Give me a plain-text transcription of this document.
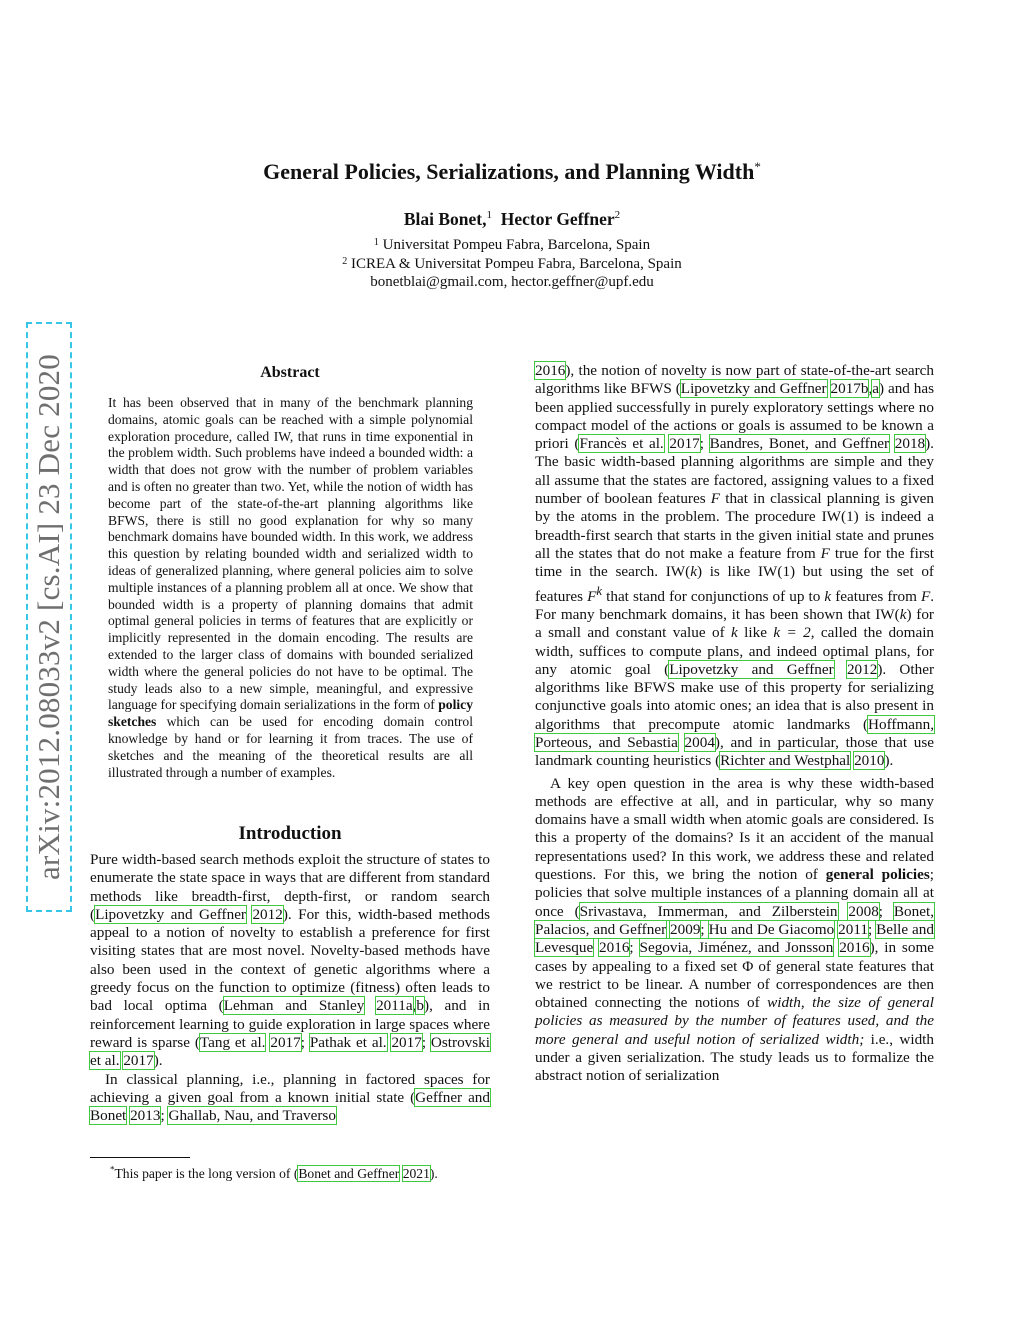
arXiv:2012.08033v2 [cs.AI] 23 Dec 2020
General Policies, Serializations, and Planning Width*
Blai Bonet,$^1$ Hector Geffner$^2$
$^1$ Universitat Pompeu Fabra, Barcelona, Spain
$^2$ ICREA & Universitat Pompeu Fabra, Barcelona, Spain
bonetblai@gmail.com, hector.geffner@upf.edu
Abstract
It has been observed that in many of the benchmark planning domains, atomic goals can be reached with a simple polynomial exploration procedure, called IW, that runs in time exponential in the problem width. Such problems have indeed a bounded width: a width that does not grow with the number of problem variables and is often no greater than two. Yet, while the notion of width has become part of the state-of-the-art planning algorithms like BFWS, there is still no good explanation for why so many benchmark domains have bounded width. In this work, we address this question by relating bounded width and serialized width to ideas of generalized planning, where general policies aim to solve multiple instances of a planning problem all at once. We show that bounded width is a property of planning domains that admit optimal general policies in terms of features that are explicitly or implicitly represented in the domain encoding. The results are extended to the larger class of domains with bounded serialized width where the general policies do not have to be optimal. The study leads also to a new simple, meaningful, and expressive language for specifying domain serializations in the form of policy sketches which can be used for encoding domain control knowledge by hand or for learning it from traces. The use of sketches and the meaning of the theoretical results are all illustrated through a number of examples.
Introduction

Pure width-based search methods exploit the structure of states to enumerate the state space in ways that are different from standard methods like breadth-first, depth-first, or random search (Lipovetzky and Geffner 2012). For this, width-based methods appeal to a notion of novelty to establish a preference for first visiting states that are most novel. Novelty-based methods have also been used in the context of genetic algorithms where a greedy focus on the function to optimize (fitness) often leads to bad local optima (Lehman and Stanley 2011a,b), and in reinforcement learning to guide exploration in large spaces where reward is sparse (Tang et al. 2017; Pathak et al. 2017; Ostrovski et al. 2017).

In classical planning, i.e., planning in factored spaces for achieving a given goal from a known initial state (Geffner and Bonet 2013; Ghallab, Nau, and Traverso

*This paper is the long version of (Bonet and Geffner 2021).

2016), the notion of novelty is now part of state-of-the-art search algorithms like BFWS (Lipovetzky and Geffner 2017b,a) and has been applied successfully in purely exploratory settings where no compact model of the actions or goals is assumed to be known a priori (Francès et al. 2017; Bandres, Bonet, and Geffner 2018). The basic width-based planning algorithms are simple and they all assume that the states are factored, assigning values to a fixed number of boolean features F that in classical planning is given by the atoms in the problem. The procedure IW(1) is indeed a breadth-first search that starts in the given initial state and prunes all the states that do not make a feature from F true for the first time in the search. IW(k) is like IW(1) but using the set of features $F^k$ that stand for conjunctions of up to k features from F. For many benchmark domains, it has been shown that IW(k) for a small and constant value of k like k = 2, called the domain width, suffices to compute plans, and indeed optimal plans, for any atomic goal (Lipovetzky and Geffner 2012). Other algorithms like BFWS make use of this property for serializing conjunctive goals into atomic ones; an idea that is also present in algorithms that precompute atomic landmarks (Hoffmann, Porteous, and Sebastia 2004), and in particular, those that use landmark counting heuristics (Richter and Westphal 2010).

A key open question in the area is why these width-based methods are effective at all, and in particular, why so many domains have a small width when atomic goals are considered. Is this a property of the domains? Is it an accident of the manual representations used? In this work, we address these and related questions. For this, we bring the notion of general policies; policies that solve multiple instances of a planning domain all at once (Srivastava, Immerman, and Zilberstein 2008; Bonet, Palacios, and Geffner 2009; Hu and De Giacomo 2011; Belle and Levesque 2016; Segovia, Jiménez, and Jonsson 2016), in some cases by appealing to a fixed set Φ of general state features that we restrict to be linear. A number of correspondences are then obtained connecting the notions of width, the size of general policies as measured by the number of features used, and the more general and useful notion of serialized width; i.e., width under a given serialization. The study leads us to formalize the abstract notion of serialization
